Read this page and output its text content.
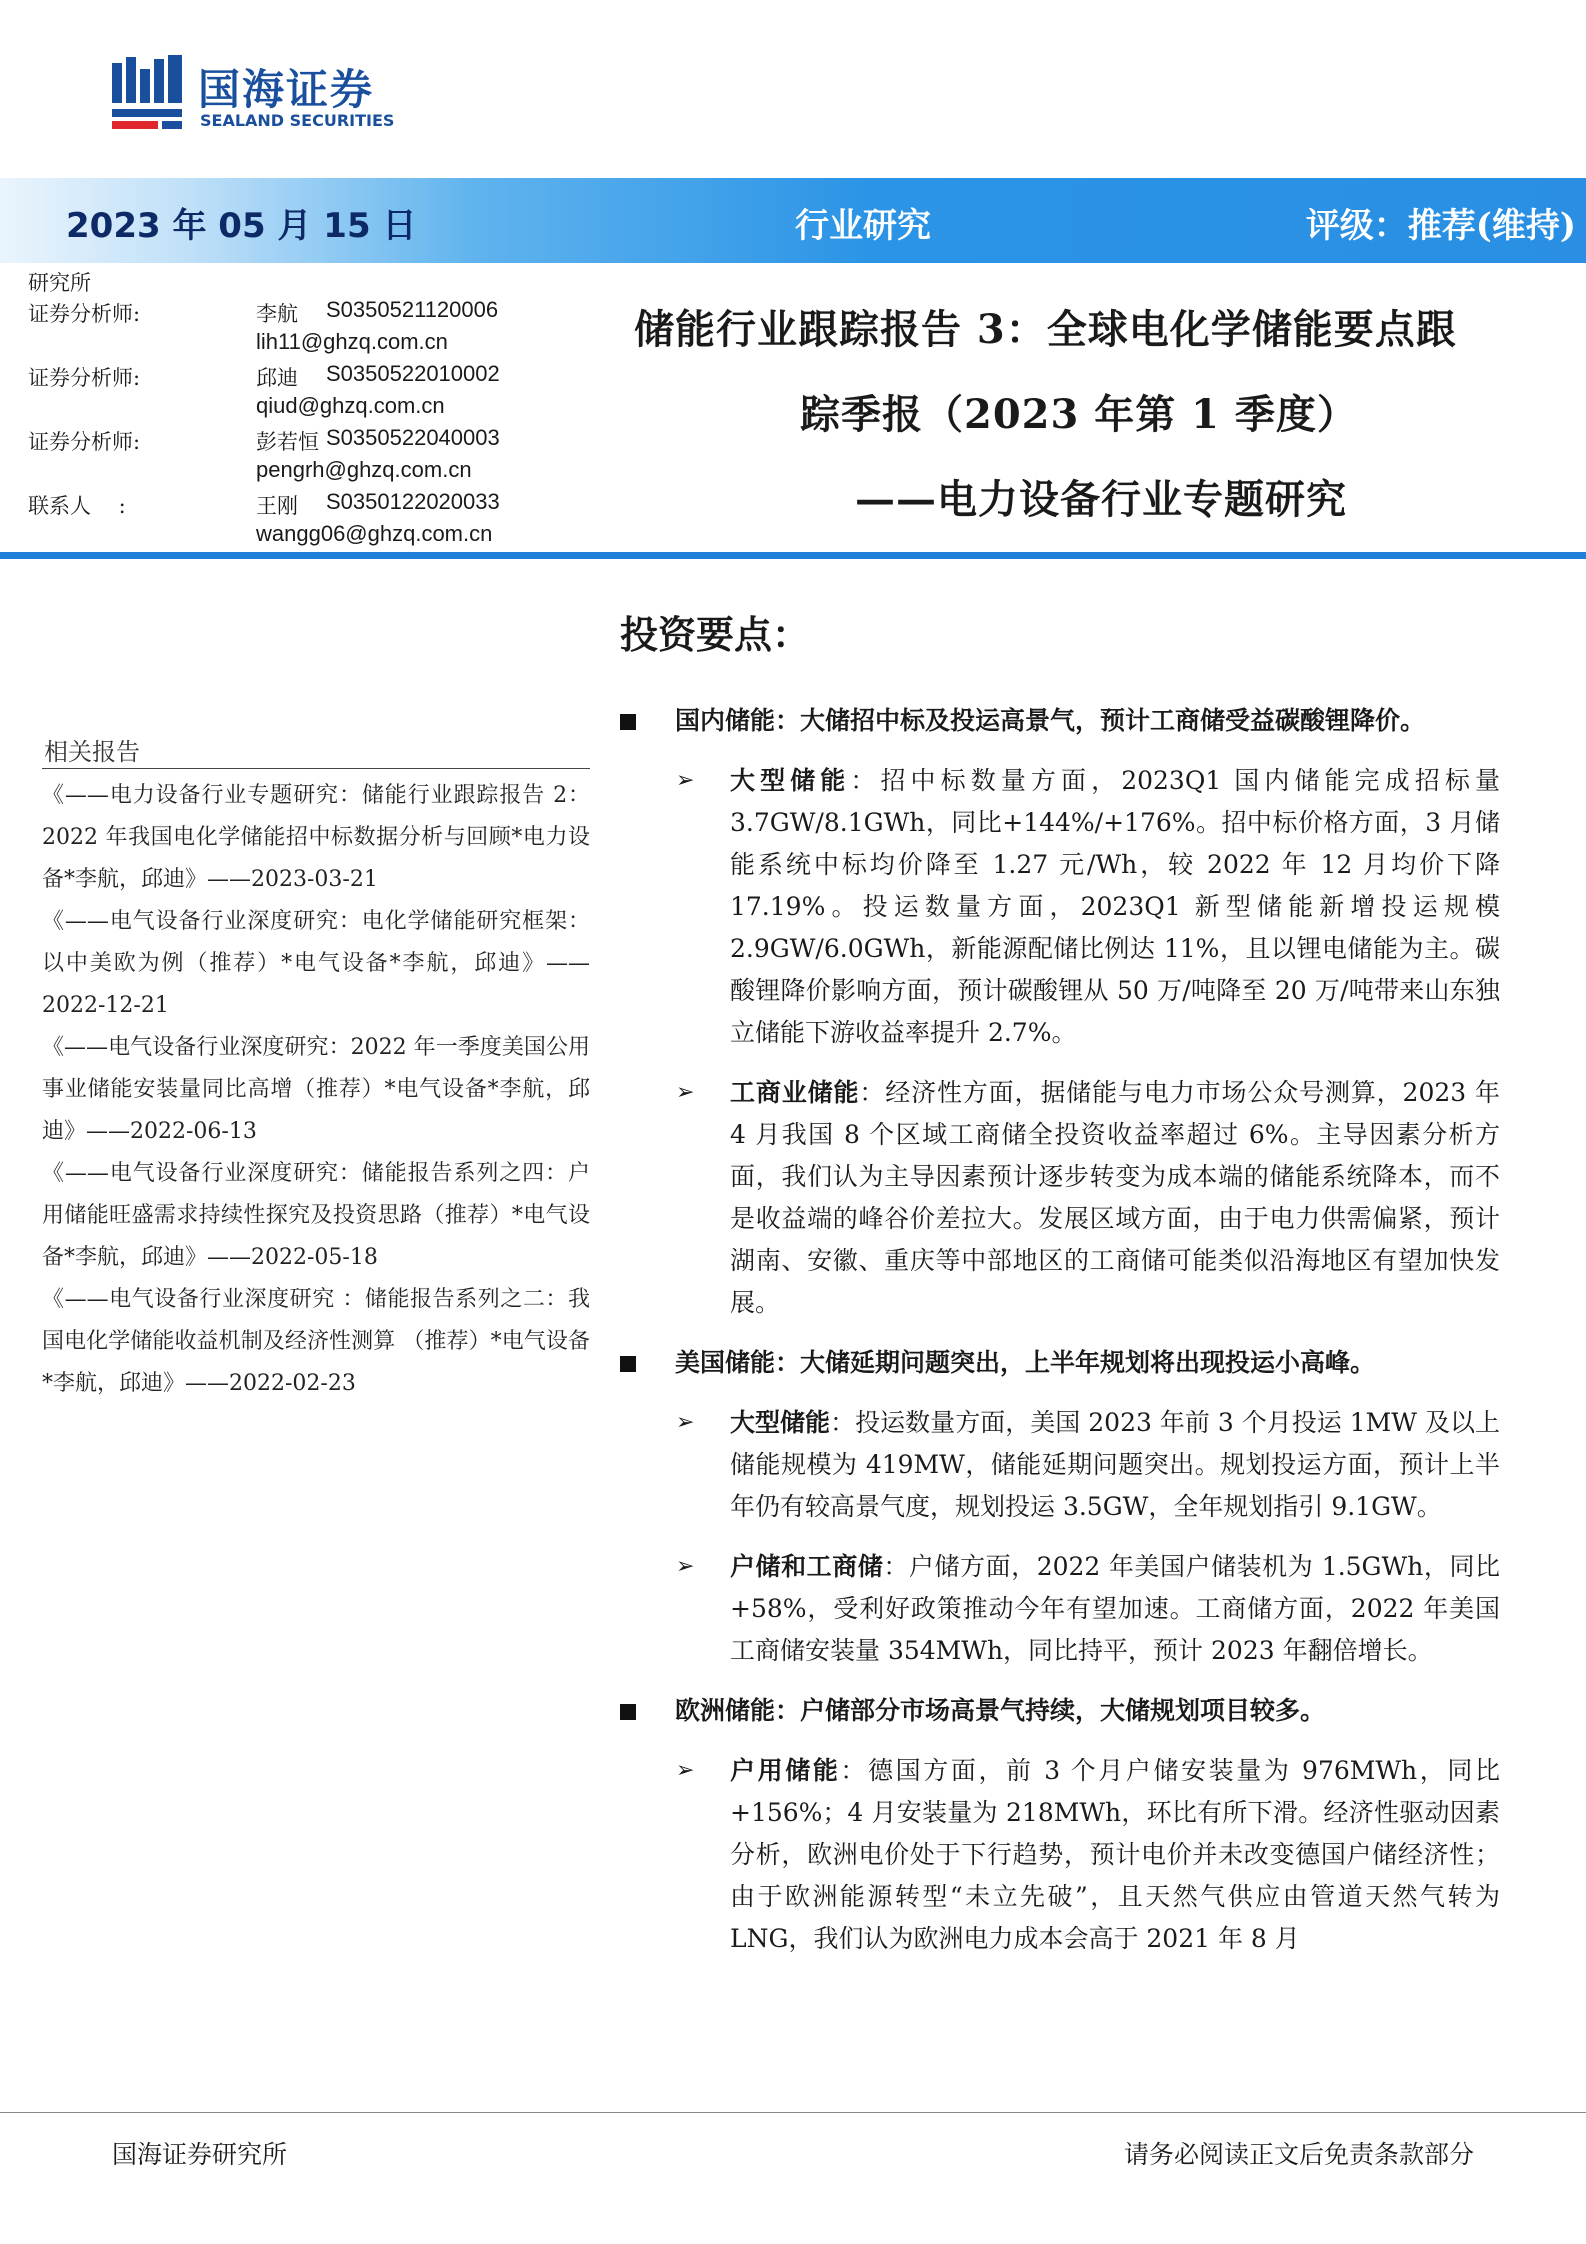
国海证券
SEALAND SECURITIES
2023 年 05 月 15 日	行业研究	评级：推荐(维持)
研究所
证券分析师:	李航 S0350521120006
lih11@ghzq.com.cn
证券分析师:	邱迪 S0350522010002
qiud@ghzq.com.cn
证券分析师:	彭若恒 S0350522040003
pengrh@ghzq.com.cn
联系人　 :	王刚 S0350122020033
wangg06@ghzq.com.cn
储能行业跟踪报告 3：全球电化学储能要点跟
踪季报（2023 年第 1 季度）
——电力设备行业专题研究
投资要点：
相关报告
《——电力设备行业专题研究：储能行业跟踪报告 2：2022 年我国电化学储能招中标数据分析与回顾*电力设备*李航，邱迪》——2023-03-21
《——电气设备行业深度研究：电化学储能研究框架：以中美欧为例（推荐）*电气设备*李航，邱迪》——2022-12-21
《——电气设备行业深度研究：2022 年一季度美国公用事业储能安装量同比高增（推荐）*电气设备*李航，邱迪》——2022-06-13
《——电气设备行业深度研究：储能报告系列之四：户用储能旺盛需求持续性探究及投资思路（推荐）*电气设备*李航，邱迪》——2022-05-18
《——电气设备行业深度研究 ：储能报告系列之二：我国电化学储能收益机制及经济性测算 （推荐）*电气设备*李航，邱迪》——2022-02-23
国内储能：大储招中标及投运高景气，预计工商储受益碳酸锂降价。
➢ 大型储能：招中标数量方面，2023Q1 国内储能完成招标量 3.7GW/8.1GWh，同比+144%/+176%。招中标价格方面，3 月储能系统中标均价降至 1.27 元/Wh，较 2022 年 12 月均价下降 17.19%。投运数量方面，2023Q1 新型储能新增投运规模 2.9GW/6.0GWh，新能源配储比例达 11%，且以锂电储能为主。碳酸锂降价影响方面，预计碳酸锂从 50 万/吨降至 20 万/吨带来山东独立储能下游收益率提升 2.7%。
➢ 工商业储能：经济性方面，据储能与电力市场公众号测算，2023 年 4 月我国 8 个区域工商储全投资收益率超过 6%。主导因素分析方面，我们认为主导因素预计逐步转变为成本端的储能系统降本，而不是收益端的峰谷价差拉大。发展区域方面，由于电力供需偏紧，预计湖南、安徽、重庆等中部地区的工商储可能类似沿海地区有望加快发展。
美国储能：大储延期问题突出，上半年规划将出现投运小高峰。
➢ 大型储能：投运数量方面，美国 2023 年前 3 个月投运 1MW 及以上储能规模为 419MW，储能延期问题突出。规划投运方面，预计上半年仍有较高景气度，规划投运 3.5GW，全年规划指引 9.1GW。
➢ 户储和工商储：户储方面，2022 年美国户储装机为 1.5GWh，同比+58%，受利好政策推动今年有望加速。工商储方面，2022 年美国工商储安装量 354MWh，同比持平，预计 2023 年翻倍增长。
欧洲储能：户储部分市场高景气持续，大储规划项目较多。
➢ 户用储能：德国方面，前 3 个月户储安装量为 976MWh，同比+156%；4 月安装量为 218MWh，环比有所下滑。经济性驱动因素分析，欧洲电价处于下行趋势，预计电价并未改变德国户储经济性；由于欧洲能源转型“未立先破”，且天然气供应由管道天然气转为 LNG，我们认为欧洲电力成本会高于 2021 年 8 月
国海证券研究所	请务必阅读正文后免责条款部分
